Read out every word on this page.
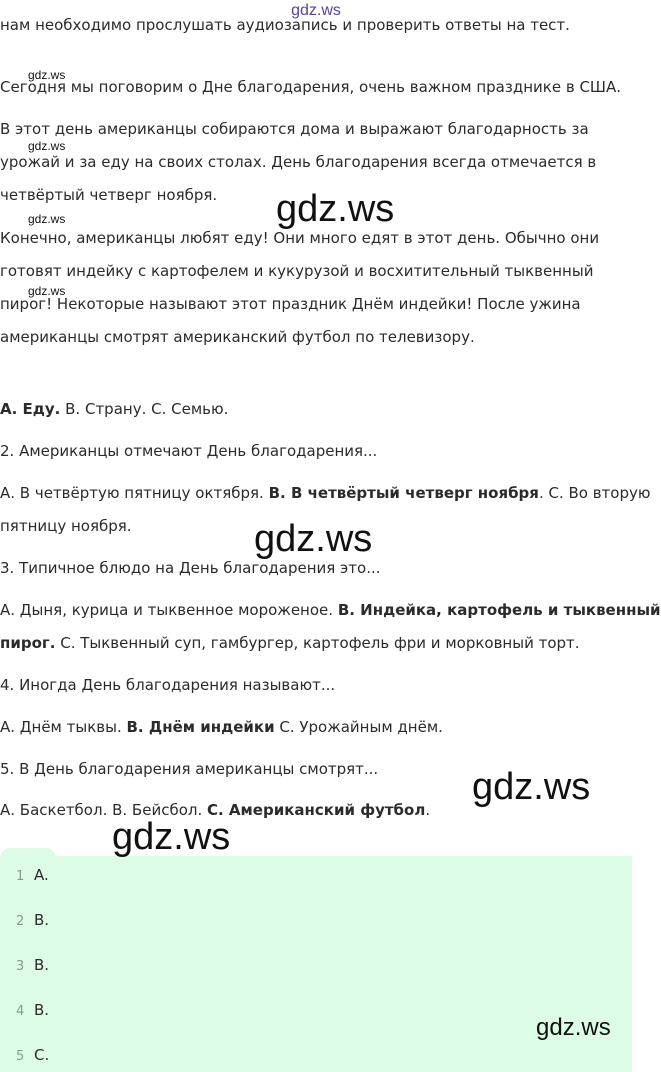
gdz.ws
нам необходимо прослушать аудиозапись и проверить ответы на тест.
gdz.ws
Сегодня мы поговорим о Дне благодарения, очень важном празднике в США.
В этот день американцы собираются дома и выражают благодарность за
gdz.ws
урожай и за еду на своих столах. День благодарения всегда отмечается в
четвёртый четверг ноября. gdz.ws
gdz.ws
Конечно, американцы любят еду! Они много едят в этот день. Обычно они
готовят индейку с картофелем и кукурузой и восхитительный тыквенный
gdz.ws
пирог! Некоторые называют этот праздник Днём индейки! После ужина
американцы смотрят американский футбол по телевизору.
А. Еду. В. Страну. С. Семью.
2. Американцы отмечают День благодарения...
А. В четвёртую пятницу октября. В. В четвёртый четверг ноября. С. Во вторую
пятницу ноября.	gdz.ws
3. Типичное блюдо на День благодарения это...
А. Дыня, курица и тыквенное мороженое. В. Индейка, картофель и тыквенный
пирог. С. Тыквенный суп, гамбургер, картофель фри и морковный торт.
4. Иногда День благодарения называют...
А. Днём тыквы. В. Днём индейки С. Урожайным днём.
5. В День благодарения американцы смотрят... gdz.ws
А. Баскетбол. В. Бейсбол. С. Американский футбол.
1 A.
2 B.
3 B.
4 B.
5 C.
gdz.ws
gdz.ws
